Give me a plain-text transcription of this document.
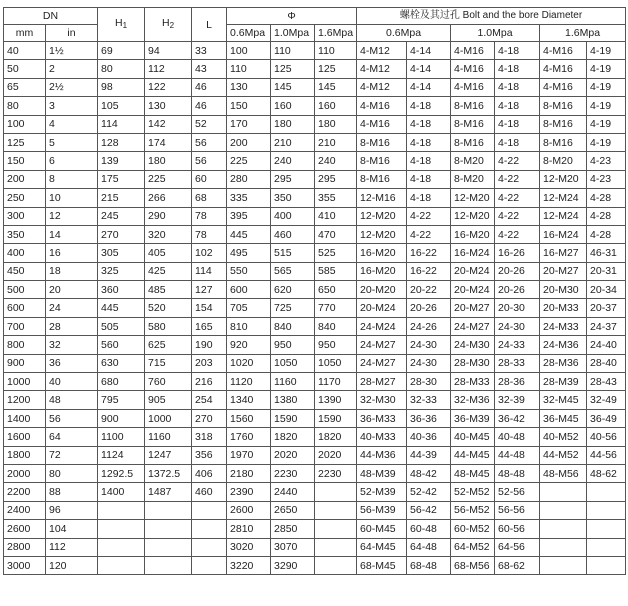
DN		$H_1$	$H_2$	L	Φ			螺栓及其过孔 Bolt and the bore Diameter					
mm	in				0.6Mpa	1.0Mpa	1.6Mpa	0.6Mpa		1.0Mpa		1.6Mpa	
40	1½	69	94	33	100	110	110	4-M12	4-14	4-M16	4-18	4-M16	4-19
50	2	80	112	43	110	125	125	4-M12	4-14	4-M16	4-18	4-M16	4-19
65	2½	98	122	46	130	145	145	4-M12	4-14	4-M16	4-18	4-M16	4-19
80	3	105	130	46	150	160	160	4-M16	4-18	8-M16	4-18	8-M16	4-19
100	4	114	142	52	170	180	180	4-M16	4-18	8-M16	4-18	8-M16	4-19
125	5	128	174	56	200	210	210	8-M16	4-18	8-M16	4-18	8-M16	4-19
150	6	139	180	56	225	240	240	8-M16	4-18	8-M20	4-22	8-M20	4-23
200	8	175	225	60	280	295	295	8-M16	4-18	8-M20	4-22	12-M20	4-23
250	10	215	266	68	335	350	355	12-M16	4-18	12-M20	4-22	12-M24	4-28
300	12	245	290	78	395	400	410	12-M20	4-22	12-M20	4-22	12-M24	4-28
350	14	270	320	78	445	460	470	12-M20	4-22	16-M20	4-22	16-M24	4-28
400	16	305	405	102	495	515	525	16-M20	16-22	16-M24	16-26	16-M27	46-31
450	18	325	425	114	550	565	585	16-M20	16-22	20-M24	20-26	20-M27	20-31
500	20	360	485	127	600	620	650	20-M20	20-22	20-M24	20-26	20-M30	20-34
600	24	445	520	154	705	725	770	20-M24	20-26	20-M27	20-30	20-M33	20-37
700	28	505	580	165	810	840	840	24-M24	24-26	24-M27	24-30	24-M33	24-37
800	32	560	625	190	920	950	950	24-M27	24-30	24-M30	24-33	24-M36	24-40
900	36	630	715	203	1020	1050	1050	24-M27	24-30	28-M30	28-33	28-M36	28-40
1000	40	680	760	216	1120	1160	1170	28-M27	28-30	28-M33	28-36	28-M39	28-43
1200	48	795	905	254	1340	1380	1390	32-M30	32-33	32-M36	32-39	32-M45	32-49
1400	56	900	1000	270	1560	1590	1590	36-M33	36-36	36-M39	36-42	36-M45	36-49
1600	64	1100	1160	318	1760	1820	1820	40-M33	40-36	40-M45	40-48	40-M52	40-56
1800	72	1124	1247	356	1970	2020	2020	44-M36	44-39	44-M45	44-48	44-M52	44-56
2000	80	1292.5	1372.5	406	2180	2230	2230	48-M39	48-42	48-M45	48-48	48-M56	48-62
2200	88	1400	1487	460	2390	2440		52-M39	52-42	52-M52	52-56		
2400	96				2600	2650		56-M39	56-42	56-M52	56-56		
2600	104				2810	2850		60-M45	60-48	60-M52	60-56		
2800	112				3020	3070		64-M45	64-48	64-M52	64-56		
3000	120				3220	3290		68-M45	68-48	68-M56	68-62		
